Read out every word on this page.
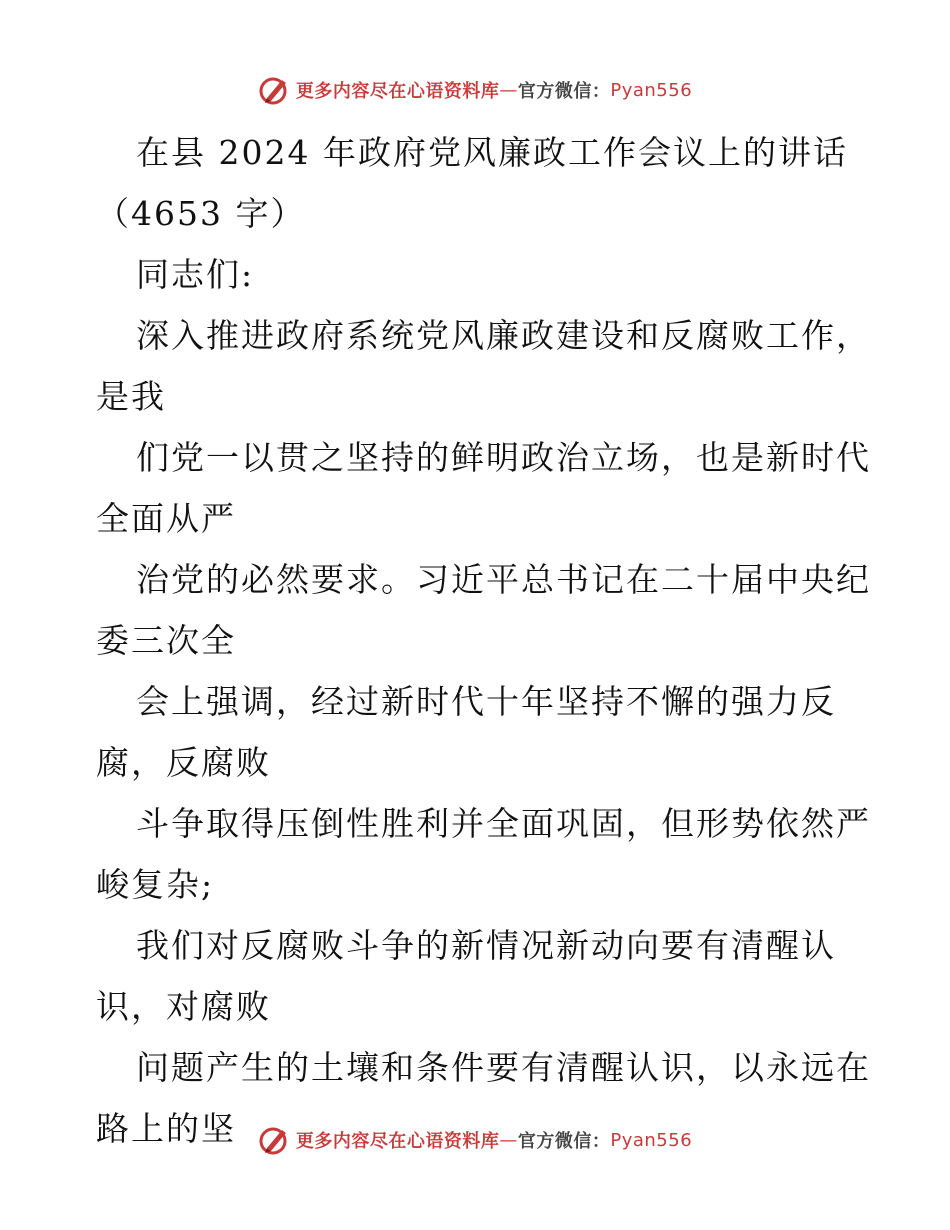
更多内容尽在心语资料库 — 官方微信： Pyan556
在县 2024 年政府党风廉政工作会议上的讲话
（4653 字）
同志们:
深入推进政府系统党风廉政建设和反腐败工作，
是我
们党一以贯之坚持的鲜明政治立场，也是新时代
全面从严
治党的必然要求。习近平总书记在二十届中央纪
委三次全
会上强调，经过新时代十年坚持不懈的强力反
腐，反腐败
斗争取得压倒性胜利并全面巩固，但形势依然严
峻复杂;
我们对反腐败斗争的新情况新动向要有清醒认
识，对腐败
问题产生的土壤和条件要有清醒认识，以永远在
路上的坚	更多内容尽在心语资料库 — 官方微信： Pyan556
